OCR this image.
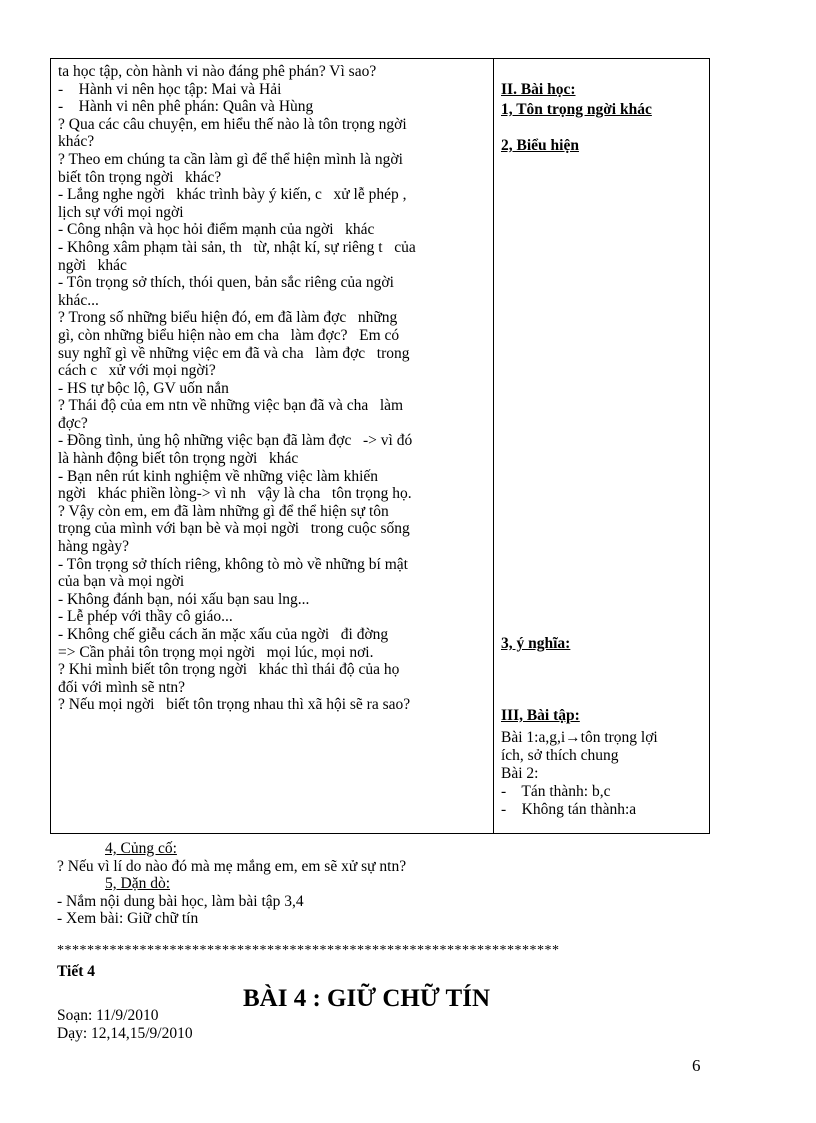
ta học tập, còn hành vi nào đáng phê phán? Vì sao?
-    Hành vi nên học tập: Mai và Hải
-    Hành vi nên phê phán: Quân và Hùng
? Qua các câu chuyện, em hiểu thế nào là tôn trọng ngời
khác?
? Theo em chúng ta cần làm gì để thể hiện mình là ngời
biết tôn trọng ngời   khác?
- Lắng nghe ngời   khác trình bày ý kiến, c   xử lễ phép ,
lịch sự với mọi ngời
- Công nhận và học hỏi điểm mạnh của ngời   khác
- Không xâm phạm tài sản, th   từ, nhật kí, sự riêng t   của
ngời   khác
- Tôn trọng sở thích, thói quen, bản sắc riêng của ngời
khác...
? Trong số những biểu hiện đó, em đã làm đợc   những
gì, còn những biểu hiện nào em cha   làm đợc?   Em có
suy nghĩ gì về những việc em đã và cha   làm đợc   trong
cách c   xử với mọi ngời?
- HS tự bộc lộ, GV uốn nắn
? Thái độ của em ntn về những việc bạn đã và cha   làm
đợc?
- Đồng tình, ủng hộ những việc bạn đã làm đợc   -> vì đó
là hành động biết tôn trọng ngời   khác
- Bạn nên rút kinh nghiệm về những việc làm khiến
ngời   khác phiền lòng-> vì nh   vậy là cha   tôn trọng họ.
? Vậy còn em, em đã làm những gì để thể hiện sự tôn
trọng của mình với bạn bè và mọi ngời   trong cuộc sống
hàng ngày?
- Tôn trọng sở thích riêng, không tò mò về những bí mật
của bạn và mọi ngời
- Không đánh bạn, nói xấu bạn sau lng...
- Lễ phép với thầy cô giáo...
- Không chế giễu cách ăn mặc xấu của ngời   đi đờng
=> Cần phải tôn trọng mọi ngời   mọi lúc, mọi nơi.
? Khi mình biết tôn trọng ngời   khác thì thái độ của họ
đối với mình sẽ ntn?
? Nếu mọi ngời   biết tôn trọng nhau thì xã hội sẽ ra sao?
II. Bài học:
1, Tôn trọng ngời khác
2, Biểu hiện
3, ý nghĩa:
III, Bài tập:
Bài 1:a,g,i→tôn trọng lợi
ích, sở thích chung
Bài 2:
-    Tán thành: b,c
-    Không tán thành:a
4, Củng cố:
? Nếu vì lí do nào đó mà mẹ mắng em, em sẽ xử sự ntn?
5, Dặn dò:
- Nắm nội dung bài học, làm bài tập 3,4
- Xem bài: Giữ chữ tín
*******************************************************************
Tiết 4
BÀI 4 : GIỮ CHỮ TÍN
Soạn: 11/9/2010
Dạy: 12,14,15/9/2010
6
